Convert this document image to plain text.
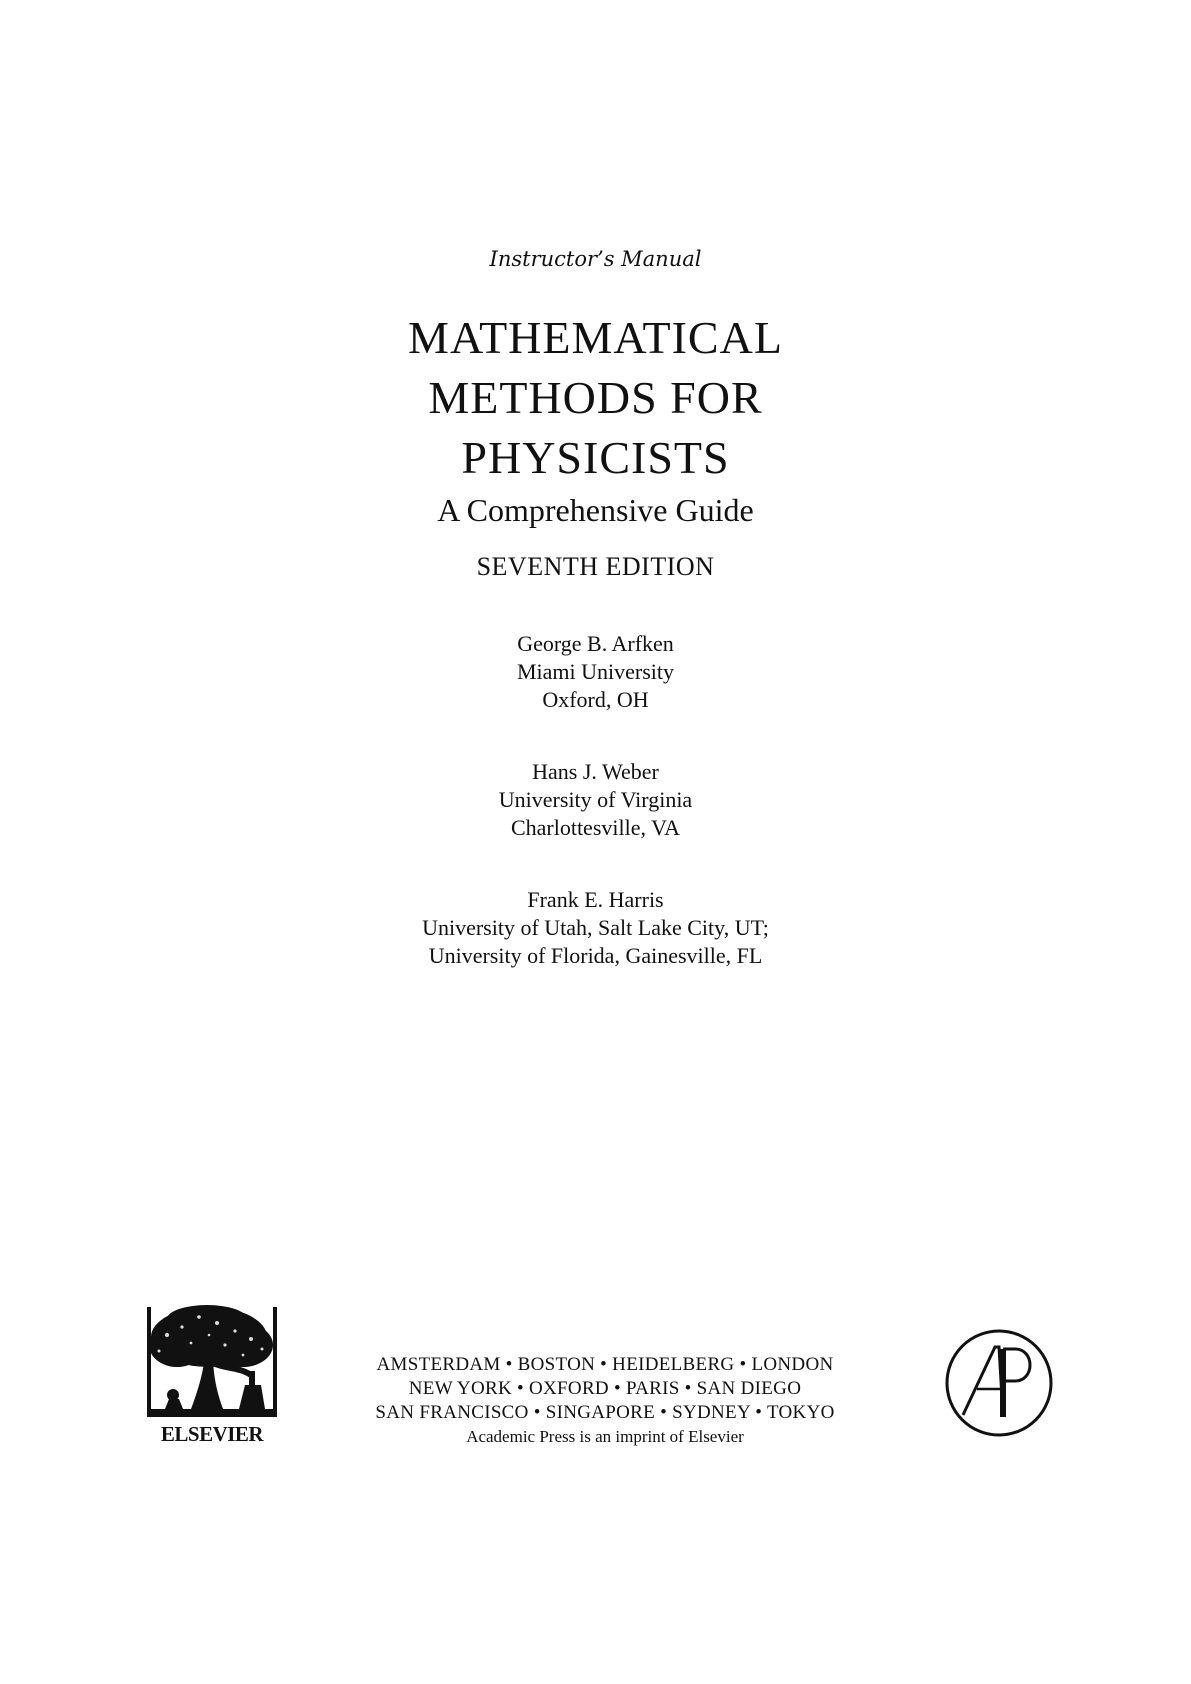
Instructor’s Manual
MATHEMATICAL
METHODS FOR
PHYSICISTS
A Comprehensive Guide
SEVENTH EDITION
George B. Arfken
Miami University
Oxford, OH
Hans J. Weber
University of Virginia
Charlottesville, VA
Frank E. Harris
University of Utah, Salt Lake City, UT;
University of Florida, Gainesville, FL
ELSEVIER
AMSTERDAM • BOSTON • HEIDELBERG • LONDON
NEW YORK • OXFORD • PARIS • SAN DIEGO
SAN FRANCISCO • SINGAPORE • SYDNEY • TOKYO
Academic Press is an imprint of Elsevier
